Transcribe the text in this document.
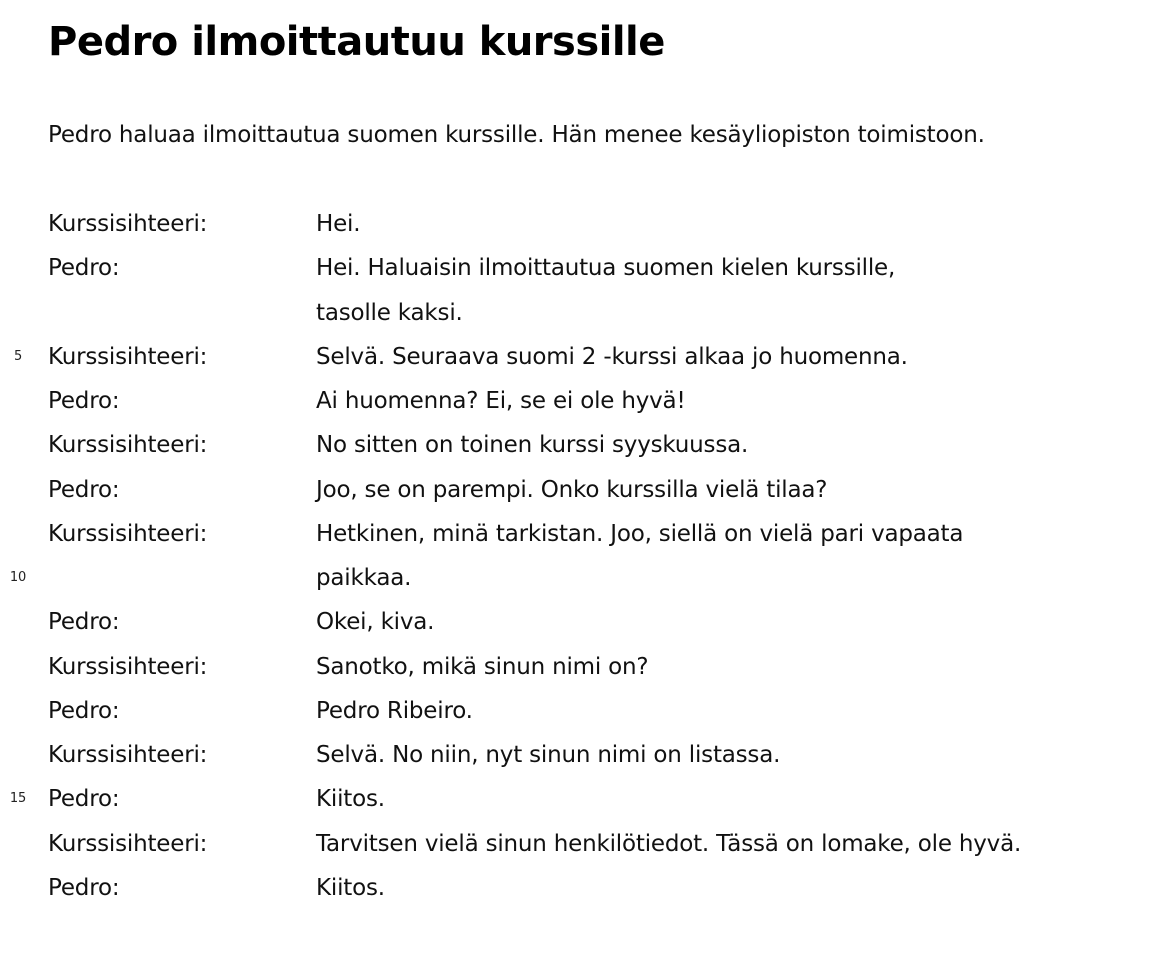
Pedro ilmoittautuu kurssille

Pedro haluaa ilmoittautua suomen kurssille. Hän menee kesäyliopiston toimistoon.

Kurssisihteeri:	Hei.
Pedro:	Hei. Haluaisin ilmoittautua suomen kielen kurssille,
tasolle kaksi.
5	Kurssisihteeri:	Selvä. Seuraava suomi 2 -kurssi alkaa jo huomenna.
Pedro:	Ai huomenna? Ei, se ei ole hyvä!
Kurssisihteeri:	No sitten on toinen kurssi syyskuussa.
Pedro:	Joo, se on parempi. Onko kurssilla vielä tilaa?
Kurssisihteeri:	Hetkinen, minä tarkistan. Joo, siellä on vielä pari vapaata
10	paikkaa.
Pedro:	Okei, kiva.
Kurssisihteeri:	Sanotko, mikä sinun nimi on?
Pedro:	Pedro Ribeiro.
Kurssisihteeri:	Selvä. No niin, nyt sinun nimi on listassa.
15 Pedro:	Kiitos.
Kurssisihteeri:	Tarvitsen vielä sinun henkilötiedot. Tässä on lomake, ole hyvä.
Pedro:	Kiitos.
